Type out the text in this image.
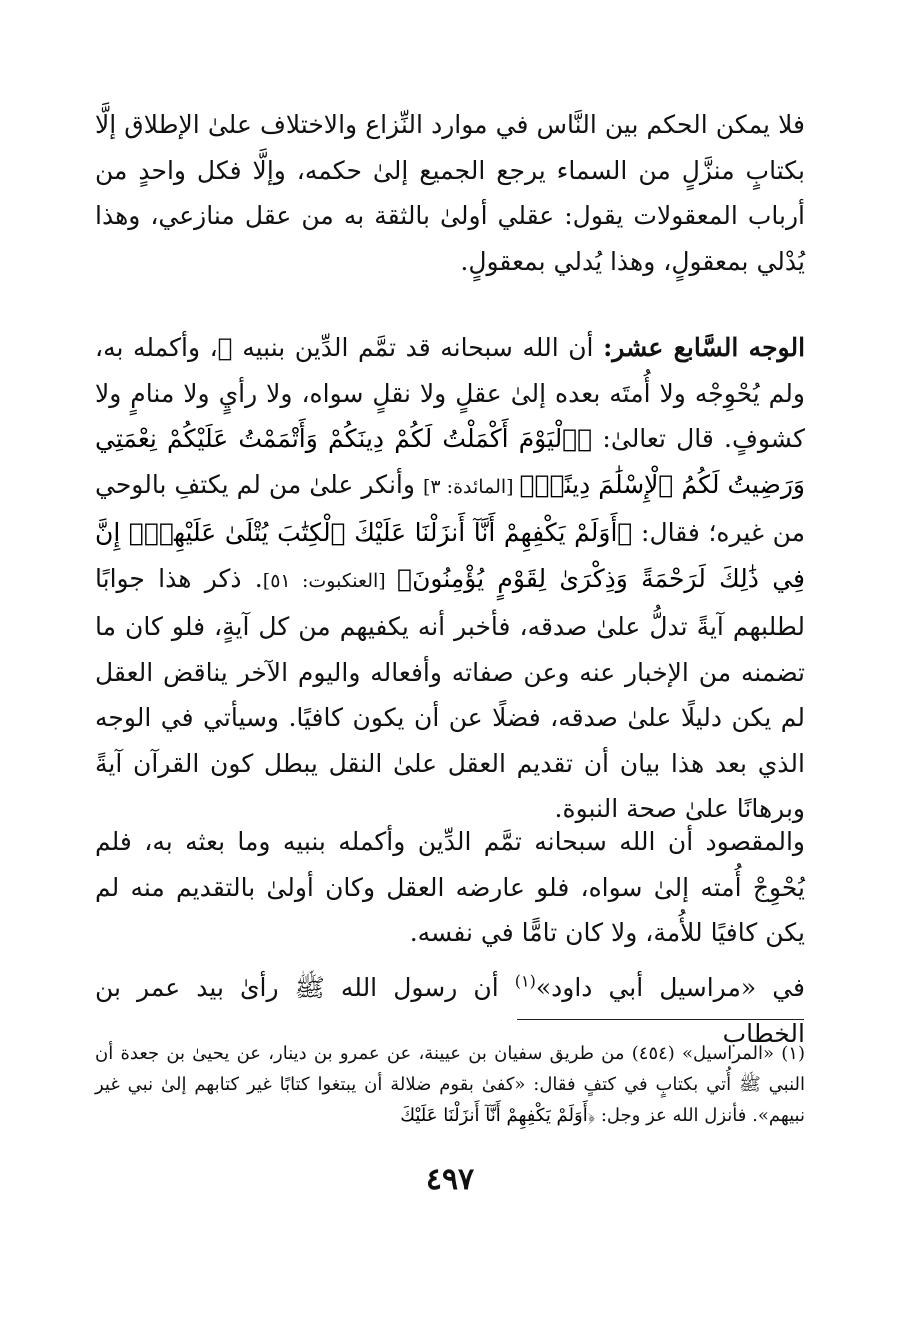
فلا يمكن الحكم بين النَّاس في موارد النِّزاع والاختلاف علىٰ الإطلاق إلَّا بكتابٍ منزَّلٍ من السماء يرجع الجميع إلىٰ حكمه، وإلَّا فكل واحدٍ من أرباب المعقولات يقول: عقلي أولىٰ بالثقة به من عقل منازعي، وهذا يُدْلي بمعقولٍ، وهذا يُدلي بمعقولٍ.

الوجه السَّابع عشر: أن الله سبحانه قد تمَّم الدِّين بنبيه ﷺ، وأكمله به، ولم يُحْوِجْه ولا أُمتَه بعده إلىٰ عقلٍ ولا نقلٍ سواه، ولا رأيٍ ولا منامٍ ولا كشوفٍ. قال تعالىٰ: ﴿ٱلْيَوْمَ أَكْمَلْتُ لَكُمْ دِينَكُمْ وَأَتْمَمْتُ عَلَيْكُمْ نِعْمَتِي وَرَضِيتُ لَكُمُ ٱلْإِسْلَٰمَ دِينًاۚ﴾ [المائدة: ٣] وأنكر علىٰ من لم يكتفِ بالوحي من غيره؛ فقال: ﴿أَوَلَمْ يَكْفِهِمْ أَنَّآ أَنزَلْنَا عَلَيْكَ ٱلْكِتَٰبَ يُتْلَىٰ عَلَيْهِمْۚ إِنَّ فِي ذَٰلِكَ لَرَحْمَةً وَذِكْرَىٰ لِقَوْمٍ يُؤْمِنُونَ﴾ [العنكبوت: ٥١]. ذكر هذا جوابًا لطلبهم آيةً تدلُّ علىٰ صدقه، فأخبر أنه يكفيهم من كل آيةٍ، فلو كان ما تضمنه من الإخبار عنه وعن صفاته وأفعاله واليوم الآخر يناقض العقل لم يكن دليلًا علىٰ صدقه، فضلًا عن أن يكون كافيًا. وسيأتي في الوجه الذي بعد هذا بيان أن تقديم العقل علىٰ النقل يبطل كون القرآن آيةً وبرهانًا علىٰ صحة النبوة.

والمقصود أن الله سبحانه تمَّم الدِّين وأكمله بنبيه وما بعثه به، فلم يُحْوِجْ أُمته إلىٰ سواه، فلو عارضه العقل وكان أولىٰ بالتقديم منه لم يكن كافيًا للأُمة، ولا كان تامًّا في نفسه.

في «مراسيل أبي داود»$^{(١)}$ أن رسول الله ﷺ رأىٰ بيد عمر بن الخطاب

(١) «المراسيل» (٤٥٤) من طريق سفيان بن عيينة، عن عمرو بن دينار، عن يحيىٰ بن جعدة أن النبي ﷺ أُتي بكتابٍ في كتفٍ فقال: «كفىٰ بقوم ضلالة أن يبتغوا كتابًا غير كتابهم إلىٰ نبي غير نبيهم». فأنزل الله عز وجل: ﴿أَوَلَمْ يَكْفِهِمْ أَنَّآ أَنزَلْنَا عَلَيْكَ

٤٩٧
